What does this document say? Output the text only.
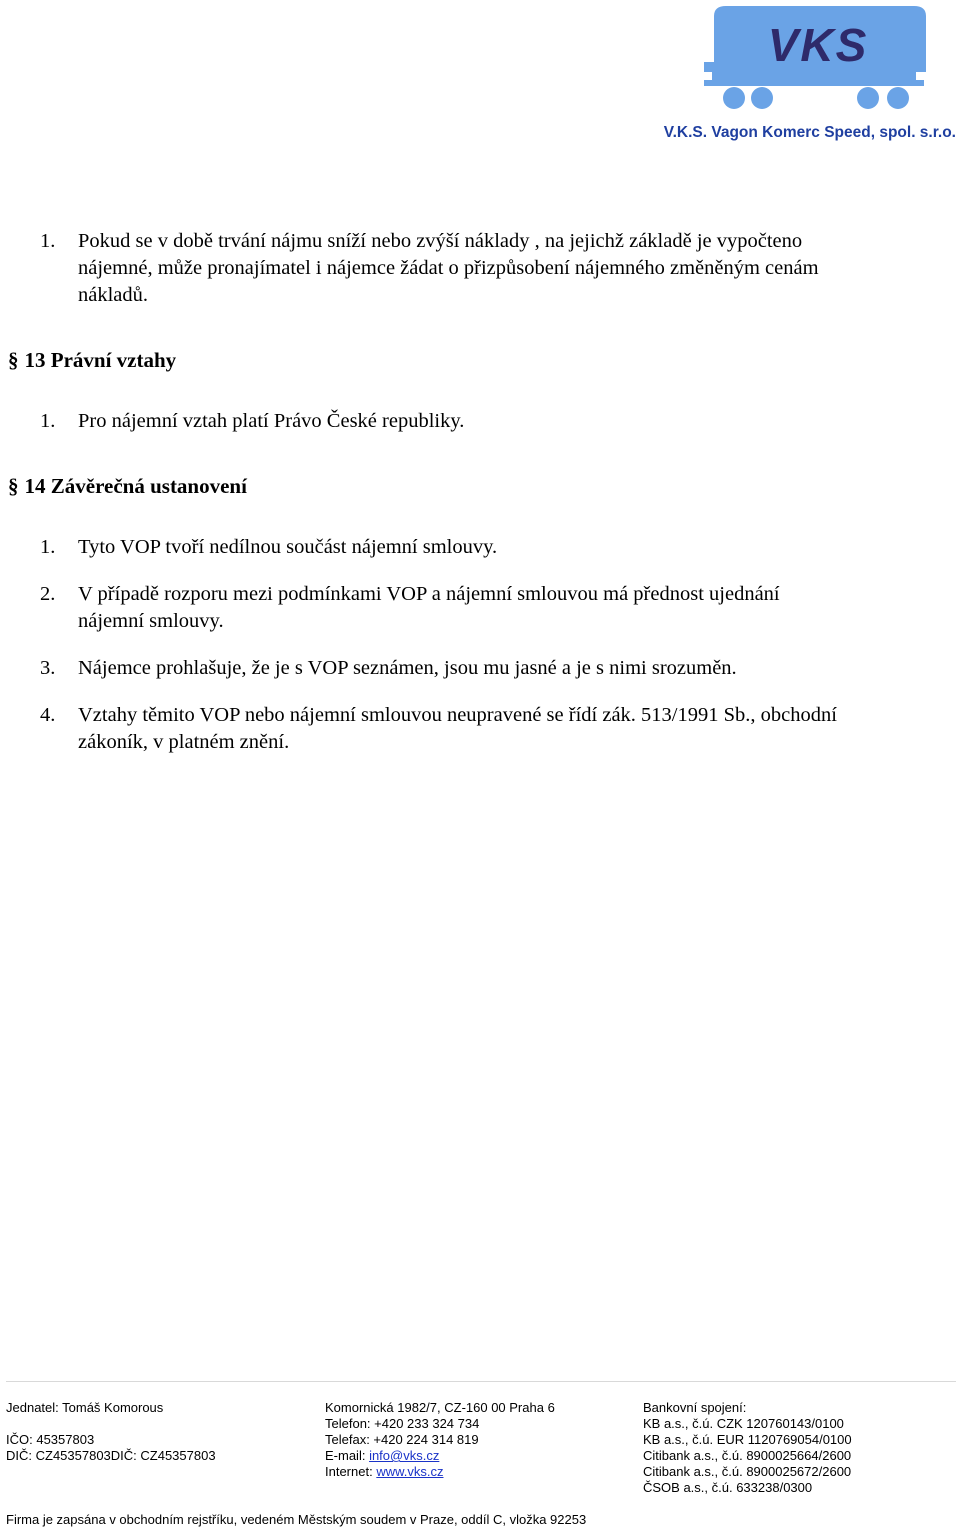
VKS
V.K.S. Vagon Komerc Speed, spol. s.r.o.
1. Pokud se v době trvání nájmu sníží nebo zvýší náklady , na jejichž základě je vypočteno
nájemné, může pronajímatel i nájemce žádat o přizpůsobení nájemného změněným cenám
nákladů.
§ 13 Právní vztahy
1. Pro nájemní vztah platí Právo České republiky.
§ 14 Závěrečná ustanovení
1. Tyto VOP tvoří nedílnou součást nájemní smlouvy.
2. V případě rozporu mezi podmínkami VOP a nájemní smlouvou má přednost ujednání
nájemní smlouvy.
3. Nájemce prohlašuje, že je s VOP seznámen, jsou mu jasné a je s nimi srozuměn.
4. Vztahy těmito VOP nebo nájemní smlouvou neupravené se řídí zák. 513/1991 Sb., obchodní
zákoník, v platném znění.
Jednatel: Tomáš Komorous
IČO: 45357803
DIČ: CZ45357803DIČ: CZ45357803
Komornická 1982/7, CZ-160 00 Praha 6
Telefon: +420 233 324 734
Telefax: +420 224 314 819
E-mail: info@vks.cz
Internet: www.vks.cz
Bankovní spojení:
KB a.s., č.ú. CZK 120760143/0100
KB a.s., č.ú. EUR 1120769054/0100
Citibank a.s., č.ú. 8900025664/2600
Citibank a.s., č.ú. 8900025672/2600
ČSOB a.s., č.ú. 633238/0300
Firma je zapsána v obchodním rejstříku, vedeném Městským soudem v Praze, oddíl C, vložka 92253
